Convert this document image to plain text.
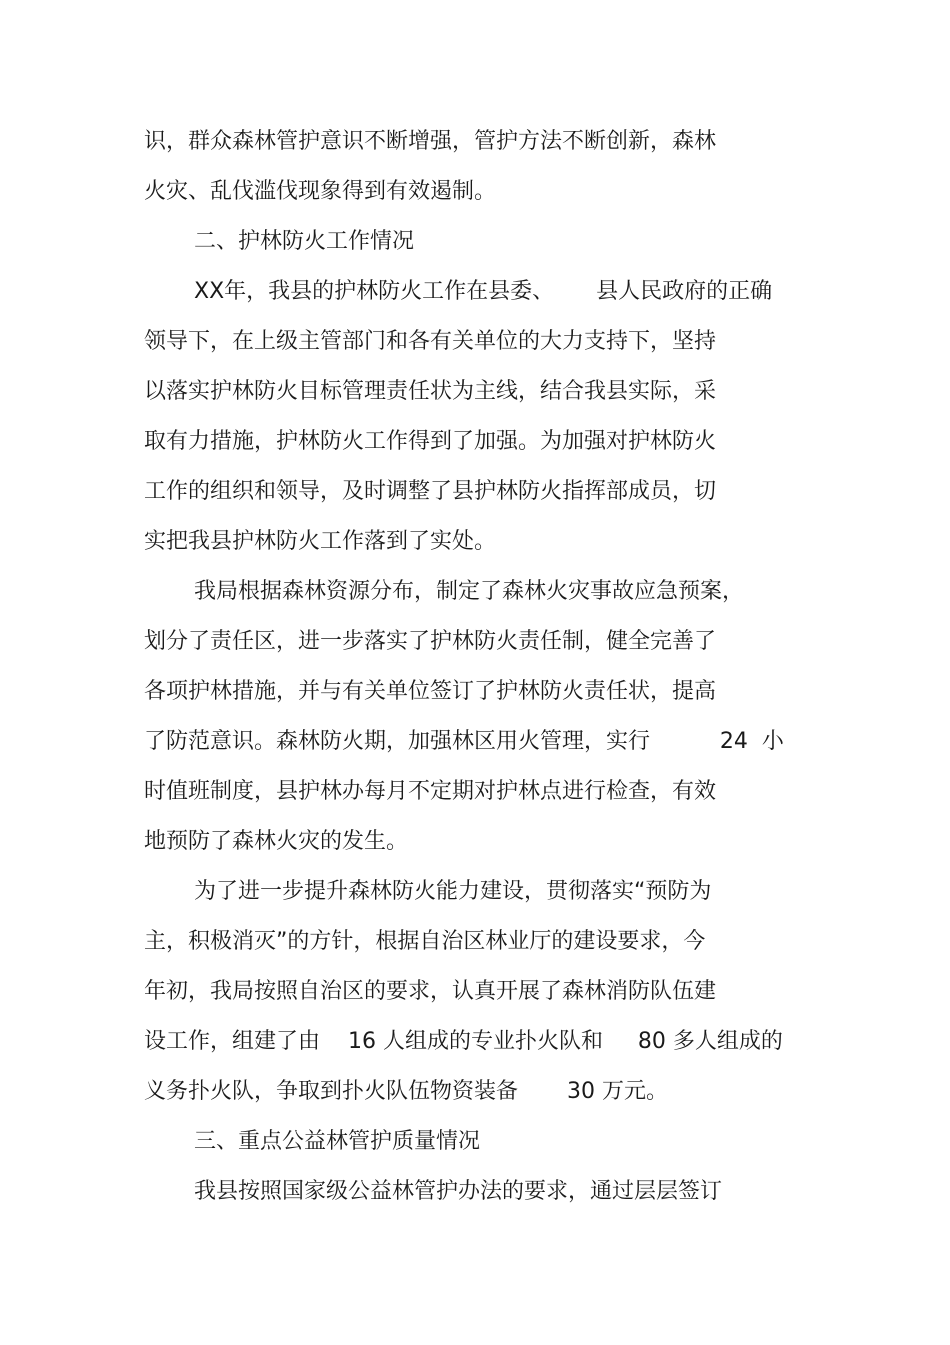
识，群众森林管护意识不断增强，管护方法不断创新，森林
火灾、乱伐滥伐现象得到有效遏制。
二、护林防火工作情况
XX年，我县的护林防火工作在县委、      县人民政府的正确
领导下，在上级主管部门和各有关单位的大力支持下，坚持
以落实护林防火目标管理责任状为主线，结合我县实际，采
取有力措施，护林防火工作得到了加强。为加强对护林防火
工作的组织和领导，及时调整了县护林防火指挥部成员，切
实把我县护林防火工作落到了实处。
我局根据森林资源分布，制定了森林火灾事故应急预案，
划分了责任区，进一步落实了护林防火责任制，健全完善了
各项护林措施，并与有关单位签订了护林防火责任状，提高
了防范意识。森林防火期，加强林区用火管理，实行          24  小
时值班制度，县护林办每月不定期对护林点进行检查，有效
地预防了森林火灾的发生。
为了进一步提升森林防火能力建设，贯彻落实“预防为
主，积极消灭”的方针，根据自治区林业厅的建设要求，今
年初，我局按照自治区的要求，认真开展了森林消防队伍建
设工作，组建了由    16 人组成的专业扑火队和     80 多人组成的
义务扑火队，争取到扑火队伍物资装备       30 万元。
三、重点公益林管护质量情况
我县按照国家级公益林管护办法的要求，通过层层签订
